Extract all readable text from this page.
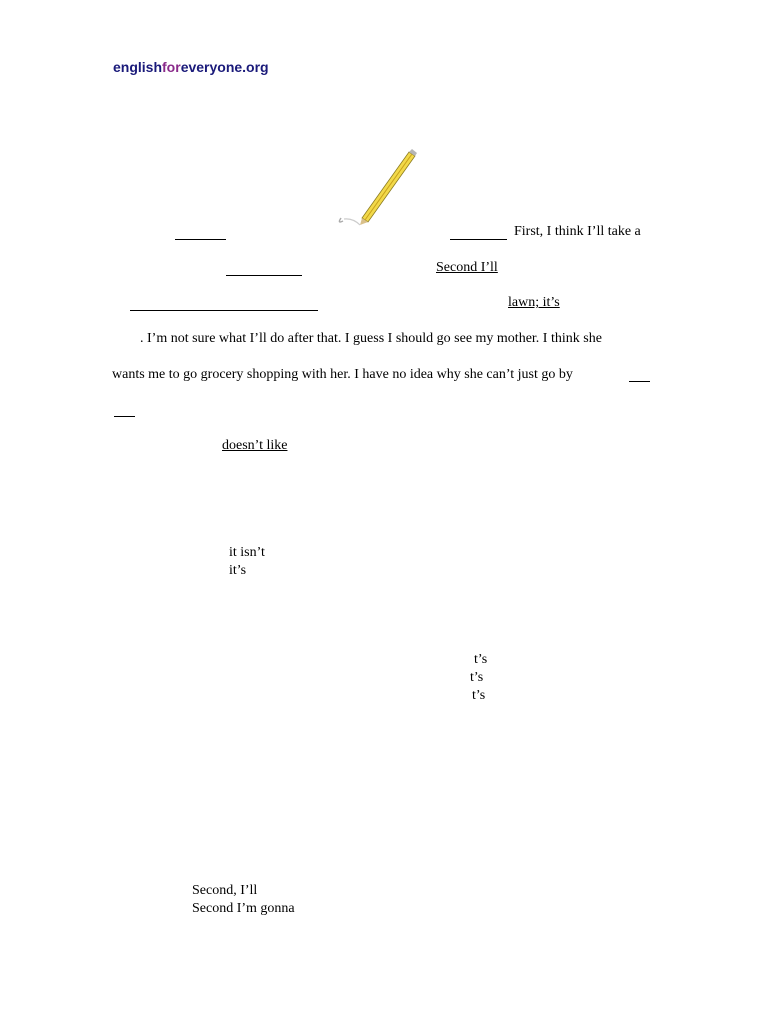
englishforeveryone.org
First, I think I’ll take a
Second I’ll
lawn; it’s
. I’m not sure what I’ll do after that. I guess I should go see my mother. I think she
wants me to go grocery shopping with her. I have no idea why she can’t just go by
doesn’t like
it isn’t
it’s
t’s
t’s
t’s
Second, I’ll
Second I’m gonna
